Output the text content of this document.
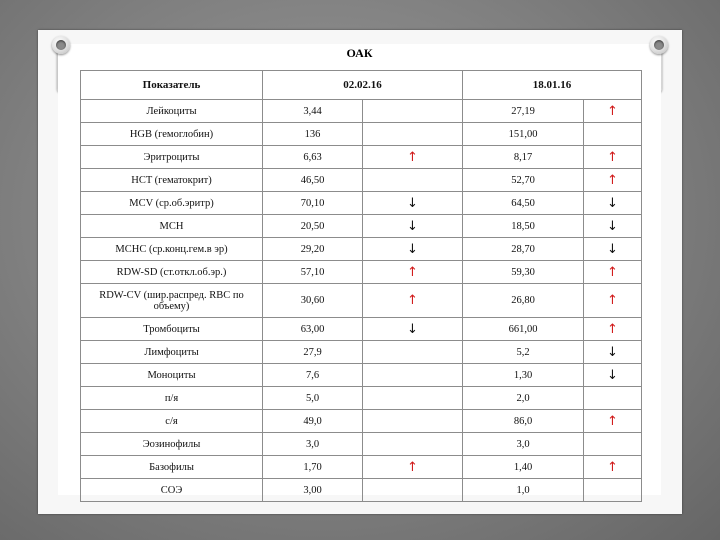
ОАК
Показатель	02.02.16		18.01.16	
Лейкоциты	3,44		27,19	↑
HGB (гемоглобин)	136		151,00	
Эритроциты	6,63	↑	8,17	↑
HCT (гематокрит)	46,50		52,70	↑
MCV (ср.об.эритр)	70,10	↓	64,50	↓
MCH	20,50	↓	18,50	↓
MCHC (ср.конц.гем.в эр)	29,20	↓	28,70	↓
RDW-SD (ст.откл.об.эр.)	57,10	↑	59,30	↑
RDW-CV (шир.распред. RBC по объему)	30,60	↑	26,80	↑
Тромбоциты	63,00	↓	661,00	↑
Лимфоциты	27,9		5,2	↓
Моноциты	7,6		1,30	↓
п/я	5,0		2,0	
с/я	49,0		86,0	↑
Эозинофилы	3,0		3,0	
Базофилы	1,70	↑	1,40	↑
СОЭ	3,00		1,0	
